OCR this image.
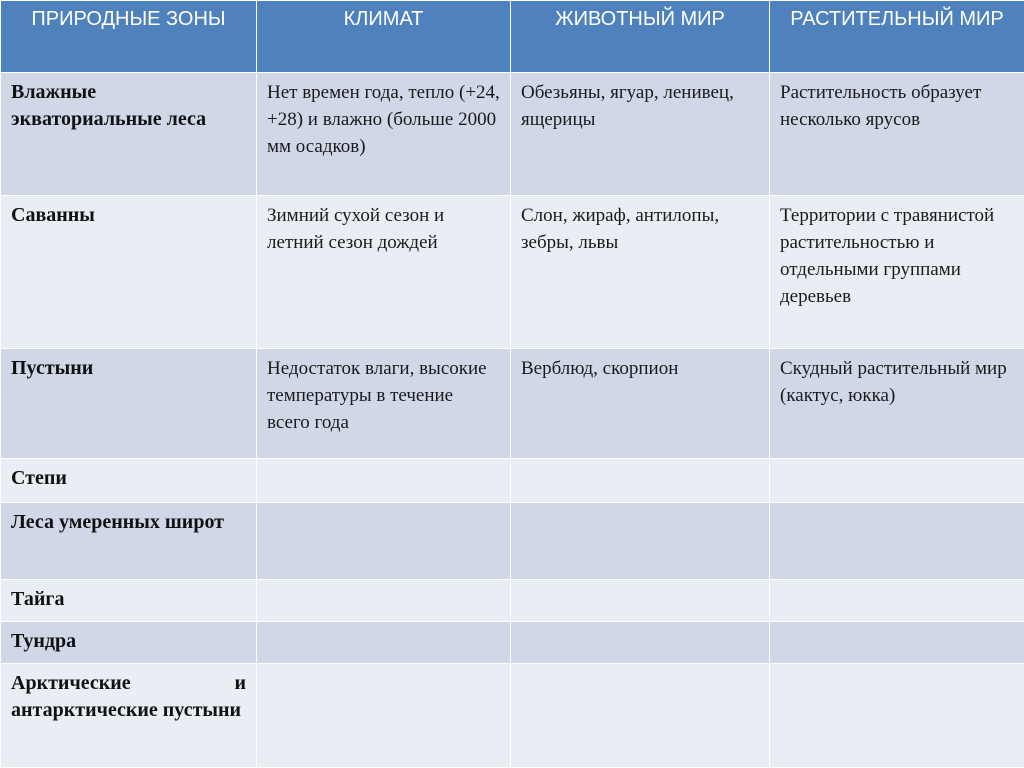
ПРИРОДНЫЕ ЗОНЫ	КЛИМАТ	ЖИВОТНЫЙ МИР	РАСТИТЕЛЬНЫЙ МИР
Влажные экваториальные леса	Нет времен года, тепло (+24, +28) и влажно (больше 2000 мм осадков)	Обезьяны, ягуар, ленивец, ящерицы	Растительность образует несколько ярусов
Саванны	Зимний сухой сезон и летний сезон дождей	Слон, жираф, антилопы, зебры, львы	Территории с травянистой растительностью и отдельными группами деревьев
Пустыни	Недостаток влаги, высокие температуры в течение всего года	Верблюд, скорпион	Скудный растительный мир (кактус, юкка)
Степи			
Леса умеренных широт			
Тайга			
Тундра			
Арктические и антарктические пустыни			
